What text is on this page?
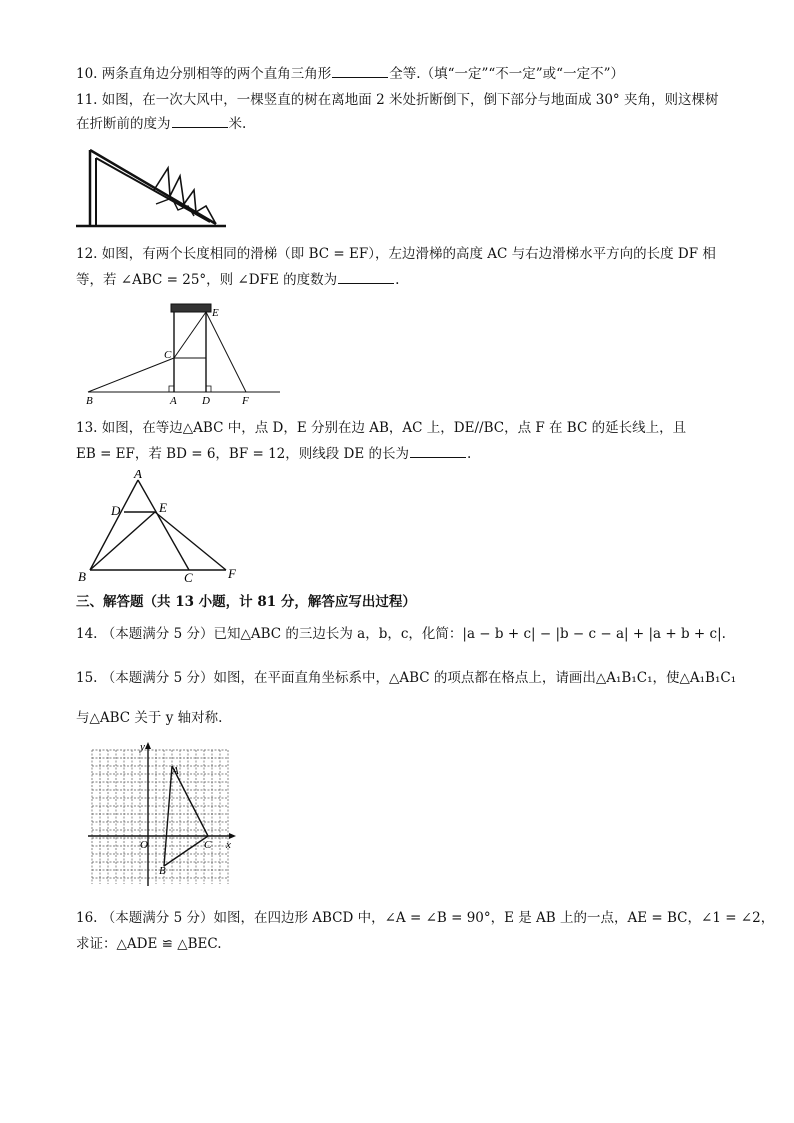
10. 两条直角边分别相等的两个直角三角形	全等.（填“一定”“不一定”或“一定不”）
11. 如图，在一次大风中，一棵竖直的树在离地面 2 米处折断倒下，倒下部分与地面成 30° 夹角，则这棵树
在折断前的度为	米.
12. 如图，有两个长度相同的滑梯（即 BC = EF），左边滑梯的高度 AC 与右边滑梯水平方向的长度 DF 相
等，若 ∠ABC = 25°，则 ∠DFE 的度数为	.
B	A D	F
C
E
13. 如图，在等边△ABC 中，点 D，E 分别在边 AB，AC 上，DE//BC，点 F 在 BC 的延长线上，且
EB = EF，若 BD = 6，BF = 12，则线段 DE 的长为	.
A
B	C
D	E
F
三、解答题（共 13 小题，计 81 分，解答应写出过程）
14. （本题满分 5 分）已知△ABC 的三边长为 a，b，c，化简：|a − b + c| − |b − c − a| + |a + b + c|.
15. （本题满分 5 分）如图，在平面直角坐标系中，△ABC 的项点都在格点上，请画出△A₁B₁C₁，使△A₁B₁C₁
与△ABC 关于 y 轴对称.
y
x
O
A
B
C
16. （本题满分 5 分）如图，在四边形 ABCD 中，∠A = ∠B = 90°，E 是 AB 上的一点，AE = BC，∠1 = ∠2，
求证：△ADE ≌ △BEC.
